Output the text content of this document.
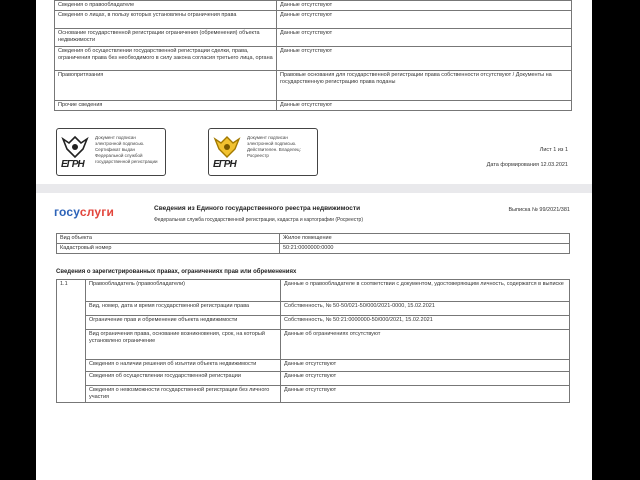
Сведения о правообладателе	Данные отсутствуют
Сведения о лицах, в пользу которых установлены ограничения права	Данные отсутствуют
Основание государственной регистрации ограничения (обременения) объекта недвижимости	Данные отсутствуют
Сведения об осуществлении государственной регистрации сделки, права, ограничения права без необходимого в силу закона согласия третьего лица, органа	Данные отсутствуют
Правопритязания	Правовые основания для государственной регистрации права собственности отсутствуют / Документы на государственную регистрацию права поданы
Прочие сведения	Данные отсутствуют
ЕГРН
Документ подписан электронной подписью. Сертификат выдан Федеральной службой государственной регистрации	ЕГРН
Документ подписан электронной подписью. Действителен. Владелец: Росреестр
Лист 1 из 1
Дата формирования 12.03.2021
госуслуги	Сведения из Единого государственного реестра недвижимости
Федеральная служба государственной регистрации, кадастра и картографии (Росреестр)
Выписка № 99/2021/381
Вид объекта	Жилое помещение
Кадастровый номер	50:21:0000000:0000
Сведения о зарегистрированных правах, ограничениях прав или обременениях
1.1	Правообладатель (правообладатели)	Данные о правообладателе в соответствии с документом, удостоверяющим личность, содержатся в выписке
	Вид, номер, дата и время государственной регистрации права	Собственность, № 50-50/021-50/000/2021-0000, 15.02.2021
	Ограничение прав и обременение объекта недвижимости	Собственность, № 50:21:0000000-50/000/2021, 15.02.2021
	Вид ограничения права, основание возникновения, срок, на который установлено ограничение	Данные об ограничениях отсутствуют
	Сведения о наличии решения об изъятии объекта недвижимости	Данные отсутствуют
	Сведения об осуществлении государственной регистрации	Данные отсутствуют
	Сведения о невозможности государственной регистрации без личного участия	Данные отсутствуют
